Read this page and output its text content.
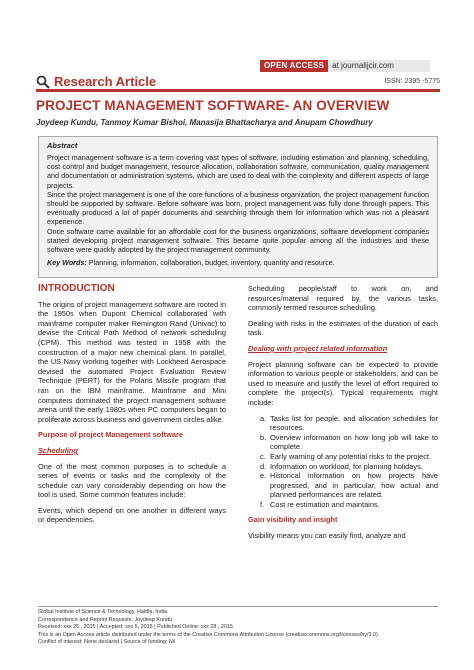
OPEN ACCESS	at journalijcir.com
Research Article	ISSN: 2395 -5775
PROJECT MANAGEMENT SOFTWARE- AN OVERVIEW
Joydeep Kundu, Tanmoy Kumar Bishoi, Manasija Bhattacharya and Anupam Chowdhury
Abstract

Project management software is a term covering vast types of software, including estimation and planning, scheduling, cost control and budget management, resource allocation, collaboration software, communication, quality management and documentation or administration systems, which are used to deal with the complexity and different aspects of large projects.

Since the project management is one of the core functions of a business organization, the project management function should be supported by software. Before software was born, project management was fully done through papers. This eventually produced a lot of paper documents and searching through them for information which was not a pleasant experience.

Once software came available for an affordable cost for the business organizations, software development companies started developing project management software. This became quite popular among all the industries and these software were quickly adopted by the project management community.

Key Words: Planning, information, collaboration, budget, inventory, quantity and resource.

INTRODUCTION

The origins of project management software are rooted in the 1950s when Dupont Chemical collaborated with mainframe computer maker Remington Rand (Univac) to devise the Critical Path Method of network scheduling (CPM). This method was tested in 1958 with the construction of a major new chemical plant. In parallel, the US Navy working together with Lockheed Aerospace devised the automated Project Evaluation Review Technique (PERT) for the Polaris Missile program that ran on the IBM mainframe. Mainframe and Mini computers dominated the project management software arena until the early 1980s when PC computers began to proliferate across business and government circles alike.

Purpose of project Management software
Scheduling

One of the most common purposes is to schedule a series of events or tasks and the complexity of the schedule can vary considerably depending on how the tool is used. Some common features include:

Events, which depend on one another in different ways or dependencies.

Scheduling people/staff to work on, and resources/material required by, the various tasks, commonly termed resource scheduling.

Dealing with risks in the estimates of the duration of each task.

Dealing with project related information

Project planning software can be expected to provide information to various people or stakeholders, and can be used to measure and justify the level of effort required to complete the project(s). Typical requirements might include:

a. Tasks list for people, and allocation schedules for resources.
b. Overview information on how long job will take to complete.
c. Early warning of any potential risks to the project.
d. Information on workload, for planning holidays.
e. Historical information on how projects have progressed, and in particular, how actual and planned performances are related.
f. Cost re estimation and maintains.
Gain visibility and insight

Visibility means you can easily find, analyze and

Global Institute of Science & Technology, Haldia, India
Correspondence and Reprint Requests: Joydeep Kundu
Received: xxx 25 , 2015 | Accepted: xxx 5, 2015 | Published Online: xxx 28 , 2015
This is an Open Access article distributed under the terms of the Creative Commons Attribution License (creativecommons.org/licenses/by/3.0)
Conflict of interest: None declared | Source of funding: Nil
